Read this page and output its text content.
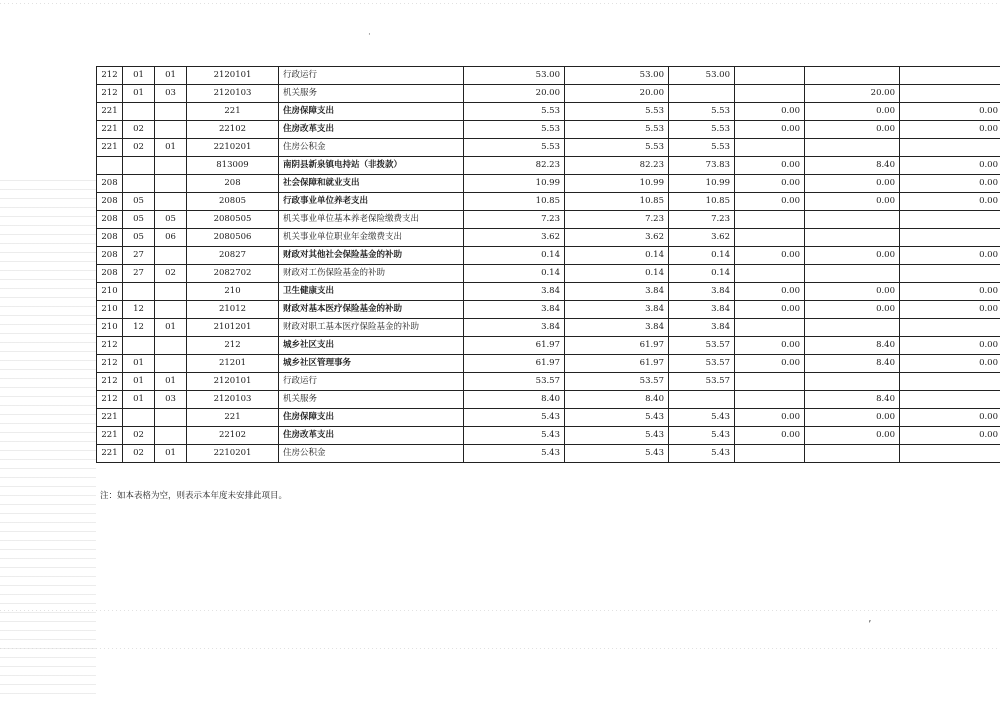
·
ʼ
212	01	01	2120101	行政运行	53.00	53.00	53.00			
212	01	03	2120103	机关服务	20.00	20.00			20.00	
221			221	住房保障支出	5.53	5.53	5.53	0.00	0.00	0.00
221	02		22102	住房改革支出	5.53	5.53	5.53	0.00	0.00	0.00
221	02	01	2210201	住房公积金	5.53	5.53	5.53			
			813009	南阴县新泉镇电持站（非拨款）	82.23	82.23	73.83	0.00	8.40	0.00
208			208	社会保障和就业支出	10.99	10.99	10.99	0.00	0.00	0.00
208	05		20805	行政事业单位养老支出	10.85	10.85	10.85	0.00	0.00	0.00
208	05	05	2080505	机关事业单位基本养老保险缴费支出	7.23	7.23	7.23			
208	05	06	2080506	机关事业单位职业年金缴费支出	3.62	3.62	3.62			
208	27		20827	财政对其他社会保险基金的补助	0.14	0.14	0.14	0.00	0.00	0.00
208	27	02	2082702	财政对工伤保险基金的补助	0.14	0.14	0.14			
210			210	卫生健康支出	3.84	3.84	3.84	0.00	0.00	0.00
210	12		21012	财政对基本医疗保险基金的补助	3.84	3.84	3.84	0.00	0.00	0.00
210	12	01	2101201	财政对职工基本医疗保险基金的补助	3.84	3.84	3.84			
212			212	城乡社区支出	61.97	61.97	53.57	0.00	8.40	0.00
212	01		21201	城乡社区管理事务	61.97	61.97	53.57	0.00	8.40	0.00
212	01	01	2120101	行政运行	53.57	53.57	53.57			
212	01	03	2120103	机关服务	8.40	8.40			8.40	
221			221	住房保障支出	5.43	5.43	5.43	0.00	0.00	0.00
221	02		22102	住房改革支出	5.43	5.43	5.43	0.00	0.00	0.00
221	02	01	2210201	住房公积金	5.43	5.43	5.43			
注：如本表格为空，则表示本年度未安排此项目。
